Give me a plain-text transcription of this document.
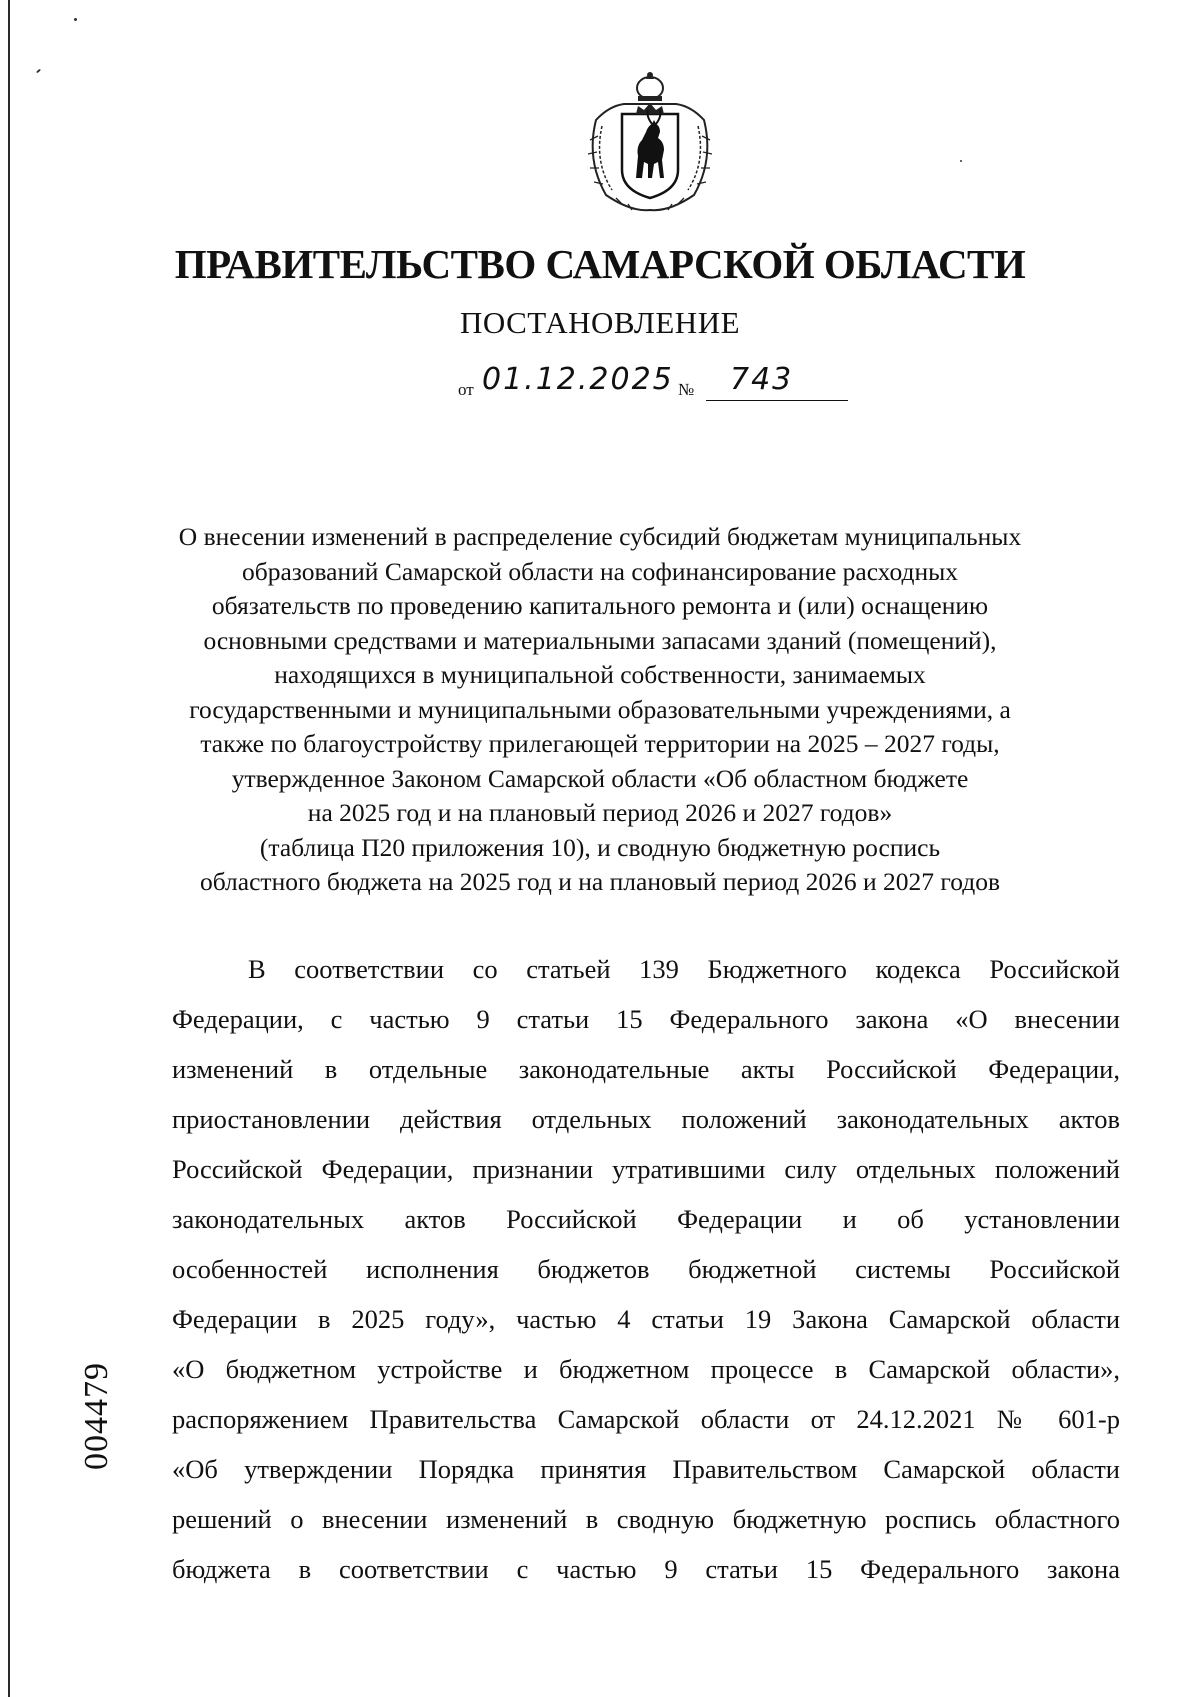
ПРАВИТЕЛЬСТВО САМАРСКОЙ ОБЛАСТИ
ПОСТАНОВЛЕНИЕ
от 01.12.2025 № 743
О внесении изменений в распределение субсидий бюджетам муниципальных
образований Самарской области на софинансирование расходных
обязательств по проведению капитального ремонта и (или) оснащению
основными средствами и материальными запасами зданий (помещений),
находящихся в муниципальной собственности, занимаемых
государственными и муниципальными образовательными учреждениями, а
также по благоустройству прилегающей территории на 2025 – 2027 годы,
утвержденное Законом Самарской области «Об областном бюджете
на 2025 год и на плановый период 2026 и 2027 годов»
(таблица П20 приложения 10), и сводную бюджетную роспись
областного бюджета на 2025 год и на плановый период 2026 и 2027 годов
В соответствии со статьей 139 Бюджетного кодекса Российской
Федерации, с частью 9 статьи 15 Федерального закона «О внесении
изменений в отдельные законодательные акты Российской Федерации,
приостановлении действия отдельных положений законодательных актов
Российской Федерации, признании утратившими силу отдельных положений
законодательных актов Российской Федерации и об установлении
особенностей исполнения бюджетов бюджетной системы Российской
Федерации в 2025 году», частью 4 статьи 19 Закона Самарской области
«О бюджетном устройстве и бюджетном процессе в Самарской области»,
распоряжением Правительства Самарской области от 24.12.2021 № 601-р
«Об утверждении Порядка принятия Правительством Самарской области
решений о внесении изменений в сводную бюджетную роспись областного
бюджета в соответствии с частью 9 статьи 15 Федерального закона
004479
